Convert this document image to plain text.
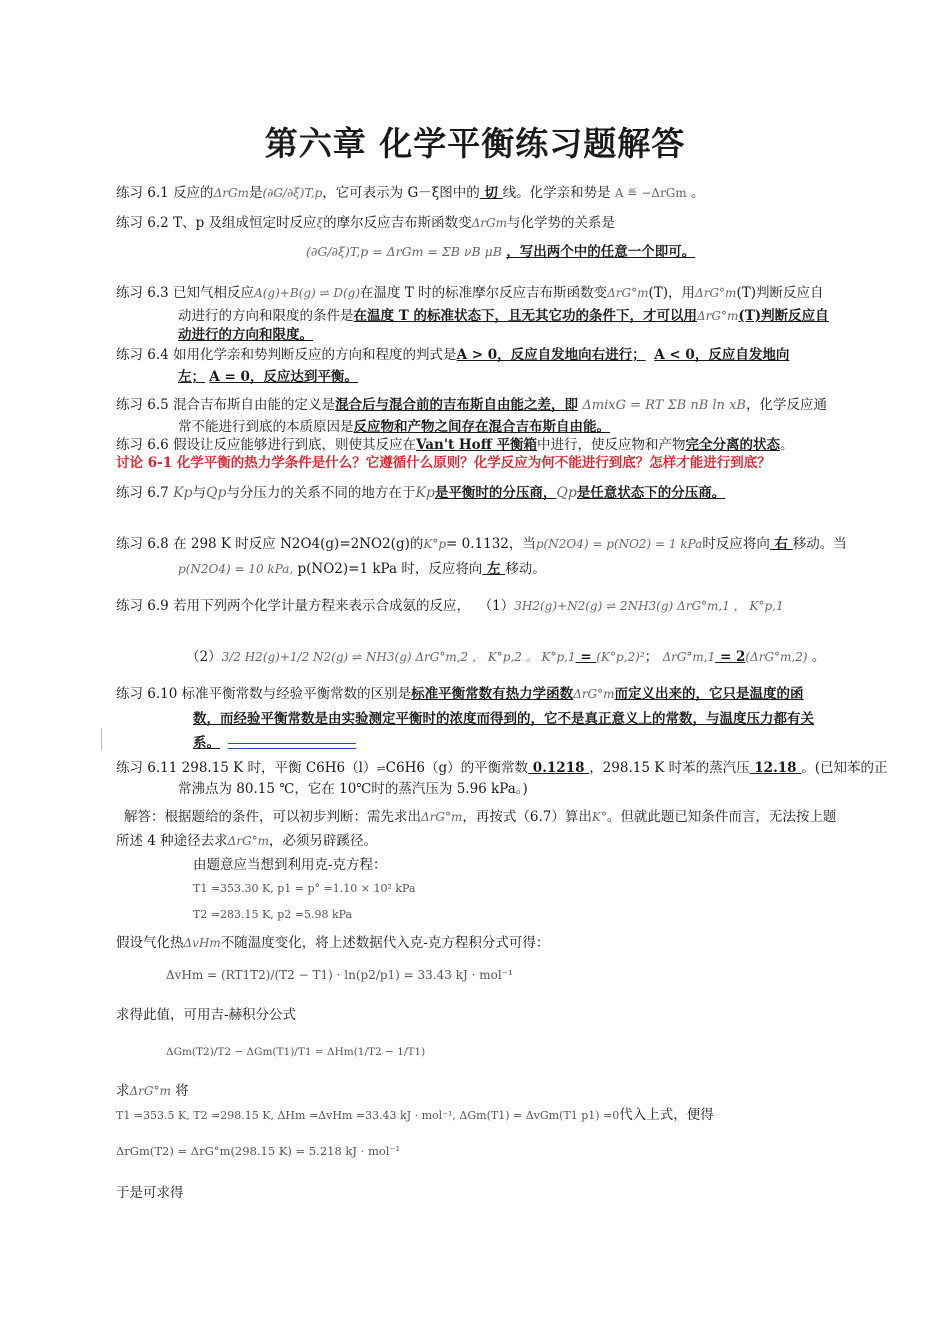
第六章 化学平衡练习题解答
练习 6.1 反应的ΔrGm是(∂G/∂ξ)T,p，它可表示为 G－ξ图中的 切 线。化学亲和势是 A ≝ −ΔrGm 。
练习 6.2 T、p 及组成恒定时反应ξ的摩尔反应吉布斯函数变ΔrGm与化学势的关系是
(∂G/∂ξ)T,p = ΔrGm = ΣB νB μB ，写出两个中的任意一个即可。
练习 6.3 已知气相反应A(g)+B(g) ⇌ D(g)在温度 T 时的标准摩尔反应吉布斯函数变ΔrG°m(T)，用ΔrG°m(T)判断反应自
动进行的方向和限度的条件是在温度 T 的标准状态下，且无其它功的条件下，才可以用ΔrG°m(T)判断反应自
动进行的方向和限度。
练习 6.4 如用化学亲和势判断反应的方向和程度的判式是A > 0，反应自发地向右进行； A < 0，反应自发地向
左； A = 0，反应达到平衡。
练习 6.5 混合吉布斯自由能的定义是混合后与混合前的吉布斯自由能之差，即 ΔmixG = RT ΣB nB ln xB，化学反应通
常不能进行到底的本质原因是反应物和产物之间存在混合吉布斯自由能。
练习 6.6 假设让反应能够进行到底，则使其反应在Van't Hoff 平衡箱中进行，使反应物和产物完全分离的状态。
讨论 6-1 化学平衡的热力学条件是什么？它遵循什么原则？化学反应为何不能进行到底？怎样才能进行到底？
练习 6.7 Kp与Qp与分压力的关系不同的地方在于Kp是平衡时的分压商，Qp是任意状态下的分压商。
练习 6.8 在 298 K 时反应 N2O4(g)=2NO2(g)的K°p= 0.1132，当p(N2O4) = p(NO2) = 1 kPa时反应将向 右 移动。当
p(N2O4) = 10 kPa, p(NO2)=1 kPa 时，反应将向 左 移动。
练习 6.9 若用下列两个化学计量方程来表示合成氨的反应， （1）3H2(g)+N2(g) ⇌ 2NH3(g) ΔrG°m,1 ， K°p,1
（2）3/2 H2(g)+1/2 N2(g) ⇌ NH3(g) ΔrG°m,2 ， K°p,2 。 K°p,1 = (K°p,2)²； ΔrG°m,1 = 2(ΔrG°m,2) 。
练习 6.10 标准平衡常数与经验平衡常数的区别是标准平衡常数有热力学函数ΔrG°m而定义出来的，它只是温度的函
数，而经验平衡常数是由实验测定平衡时的浓度而得到的，它不是真正意义上的常数，与温度压力都有关
系。
练习 6.11 298.15 K 时，平衡 C6H6（l）⇌C6H6（g）的平衡常数 0.1218 ，298.15 K 时苯的蒸汽压 12.18 。(已知苯的正
常沸点为 80.15 ℃，它在 10℃时的蒸汽压为 5.96 kPa。)
解答：根据题给的条件，可以初步判断：需先求出ΔrG°m，再按式（6.7）算出K°。但就此题已知条件而言，无法按上题
所述 4 种途径去求ΔrG°m，必须另辟蹊径。
由题意应当想到利用克-克方程：
T1 =353.30 K, p1 = p° =1.10 × 10² kPa
T2 =283.15 K, p2 =5.98 kPa
假设气化热ΔvHm不随温度变化，将上述数据代入克-克方程积分式可得：
ΔvHm = (RT1T2)/(T2 − T1) · ln(p2/p1) = 33.43 kJ · mol⁻¹
求得此值，可用吉-赫积分公式
ΔGm(T2)/T2 − ΔGm(T1)/T1 = ΔHm(1/T2 − 1/T1)
求ΔrG°m 将
T1 =353.5 K, T2 =298.15 K, ΔHm =ΔvHm =33.43 kJ · mol⁻¹, ΔGm(T1) = ΔvGm(T1 p1) =0代入上式，便得
ΔrGm(T2) = ΔrG°m(298.15 K) = 5.218 kJ · mol⁻¹
于是可求得
